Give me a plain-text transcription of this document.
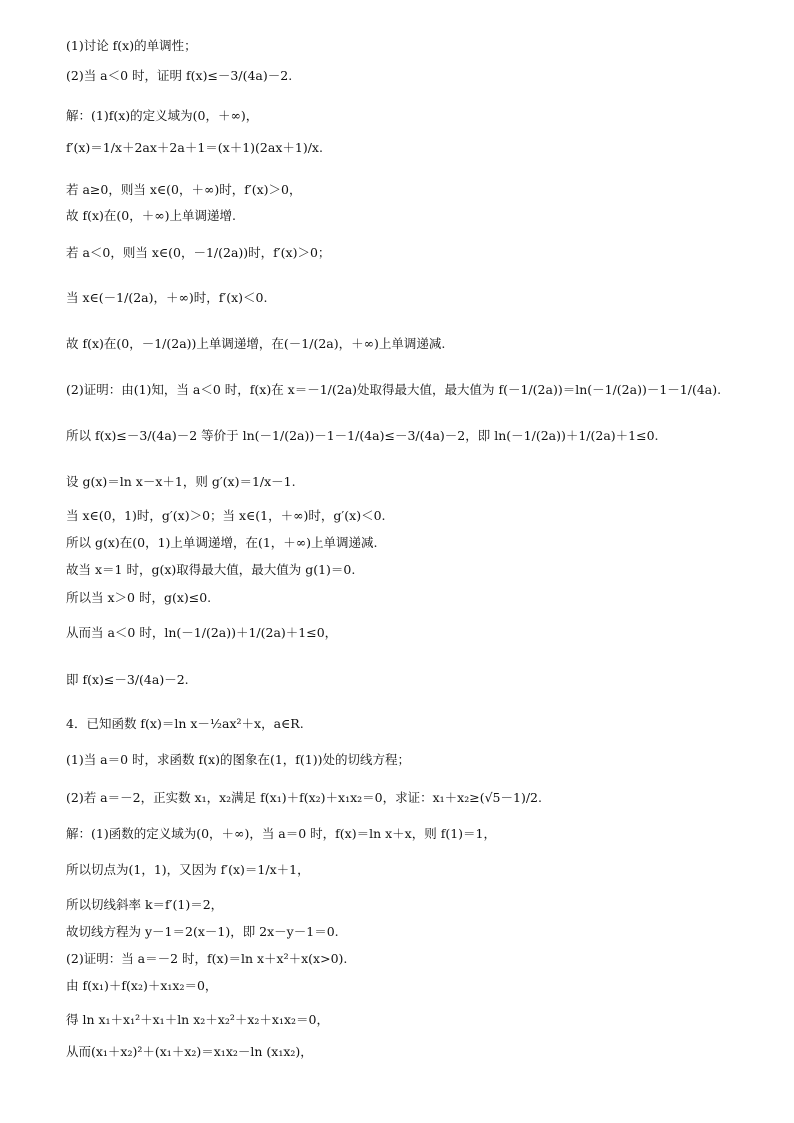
(1)讨论 f(x)的单调性；
(2)当 a＜0 时，证明 f(x)≤－3/(4a)－2.
解：(1)f(x)的定义域为(0，＋∞)，
f′(x)＝1/x＋2ax＋2a＋1＝(x＋1)(2ax＋1)/x.
若 a≥0，则当 x∈(0，＋∞)时，f′(x)＞0，
故 f(x)在(0，＋∞)上单调递增.
若 a＜0，则当 x∈(0，－1/(2a))时，f′(x)＞0；
当 x∈(－1/(2a)，＋∞)时，f′(x)＜0.
故 f(x)在(0，－1/(2a))上单调递增，在(－1/(2a)，＋∞)上单调递减.
(2)证明：由(1)知，当 a＜0 时，f(x)在 x＝－1/(2a)处取得最大值，最大值为 f(－1/(2a))＝ln(－1/(2a))－1－1/(4a).
所以 f(x)≤－3/(4a)－2 等价于 ln(－1/(2a))－1－1/(4a)≤－3/(4a)－2，即 ln(－1/(2a))＋1/(2a)＋1≤0.
设 g(x)＝ln x－x＋1，则 g′(x)＝1/x－1.
当 x∈(0，1)时，g′(x)＞0；当 x∈(1，＋∞)时，g′(x)＜0.
所以 g(x)在(0，1)上单调递增，在(1，＋∞)上单调递减.
故当 x＝1 时，g(x)取得最大值，最大值为 g(1)＝0.
所以当 x＞0 时，g(x)≤0.
从而当 a＜0 时，ln(－1/(2a))＋1/(2a)＋1≤0，
即 f(x)≤－3/(4a)－2.
4．已知函数 f(x)＝ln x－½ax²＋x，a∈R.
(1)当 a＝0 时，求函数 f(x)的图象在(1，f(1))处的切线方程；
(2)若 a＝－2，正实数 x₁，x₂满足 f(x₁)＋f(x₂)＋x₁x₂＝0，求证：x₁＋x₂≥(√5－1)/2.
解：(1)函数的定义域为(0，＋∞)，当 a＝0 时，f(x)＝ln x＋x，则 f(1)＝1，
所以切点为(1，1)，又因为 f′(x)＝1/x＋1，
所以切线斜率 k＝f′(1)＝2，
故切线方程为 y－1＝2(x－1)，即 2x－y－1＝0.
(2)证明：当 a＝－2 时，f(x)＝ln x＋x²＋x(x>0).
由 f(x₁)＋f(x₂)＋x₁x₂＝0，
得 ln x₁＋x₁²＋x₁＋ln x₂＋x₂²＋x₂＋x₁x₂＝0，
从而(x₁＋x₂)²＋(x₁＋x₂)＝x₁x₂－ln (x₁x₂)，
